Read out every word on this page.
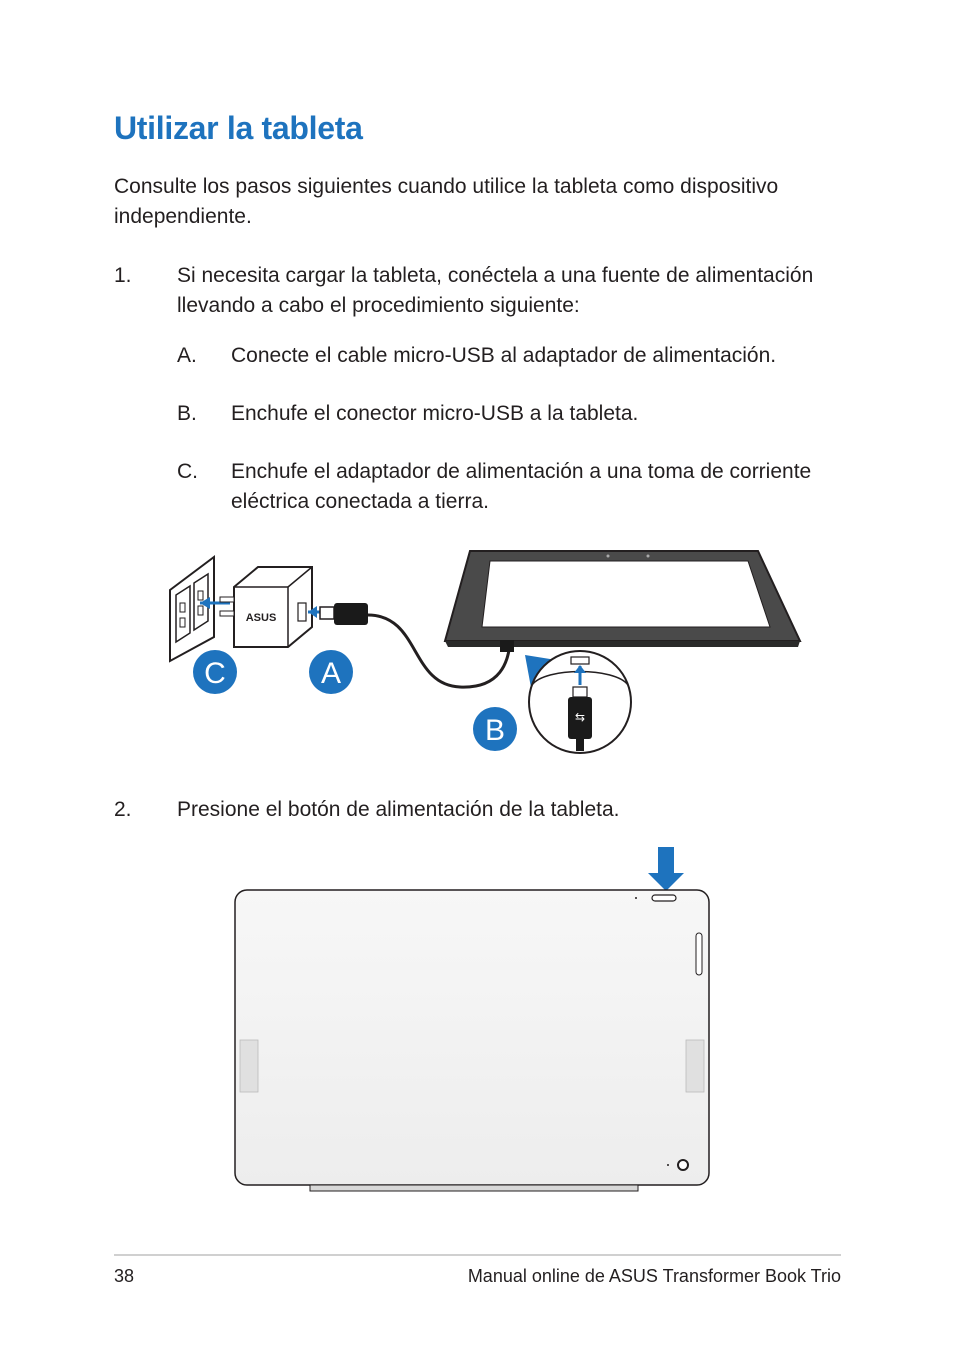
Utilizar la tableta

Consulte los pasos siguientes cuando utilice la tableta como dispositivo independiente.

1. Si necesita cargar la tableta, conéctela a una fuente de alimentación llevando a cabo el procedimiento siguiente:

A. Conecte el cable micro-USB al adaptador de alimentación.

B. Enchufe el conector micro-USB a la tableta.

C. Enchufe el adaptador de alimentación a una toma de corriente eléctrica conectada a tierra.

ASUS
⇆
C	A
B

2. Presione el botón de alimentación de la tableta.

38	Manual online de ASUS Transformer Book Trio
